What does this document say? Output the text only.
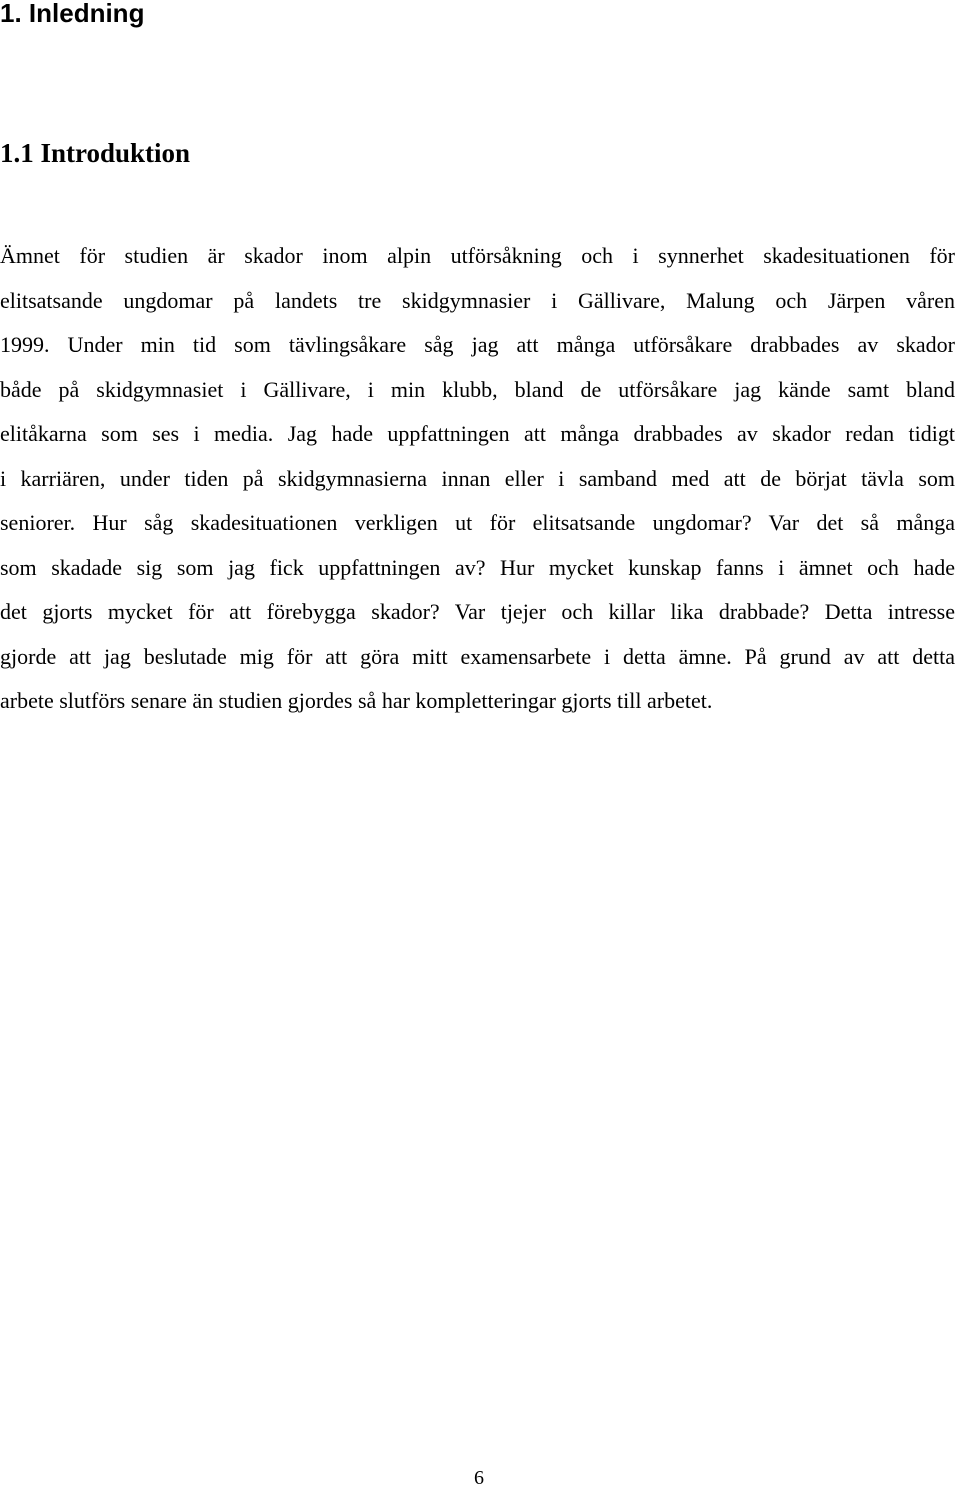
1. Inledning
1.1 Introduktion

Ämnet för studien är skador inom alpin utförsåkning och i synnerhet skadesituationen för
elitsatsande ungdomar på landets tre skidgymnasier i Gällivare, Malung och Järpen våren
1999. Under min tid som tävlingsåkare såg jag att många utförsåkare drabbades av skador
både på skidgymnasiet i Gällivare, i min klubb, bland de utförsåkare jag kände samt bland
elitåkarna som ses i media. Jag hade uppfattningen att många drabbades av skador redan tidigt
i karriären, under tiden på skidgymnasierna innan eller i samband med att de börjat tävla som
seniorer. Hur såg skadesituationen verkligen ut för elitsatsande ungdomar? Var det så många
som skadade sig som jag fick uppfattningen av? Hur mycket kunskap fanns i ämnet och hade
det gjorts mycket för att förebygga skador? Var tjejer och killar lika drabbade? Detta intresse
gjorde att jag beslutade mig för att göra mitt examensarbete i detta ämne. På grund av att detta
arbete slutförs senare än studien gjordes så har kompletteringar gjorts till arbetet.

6
